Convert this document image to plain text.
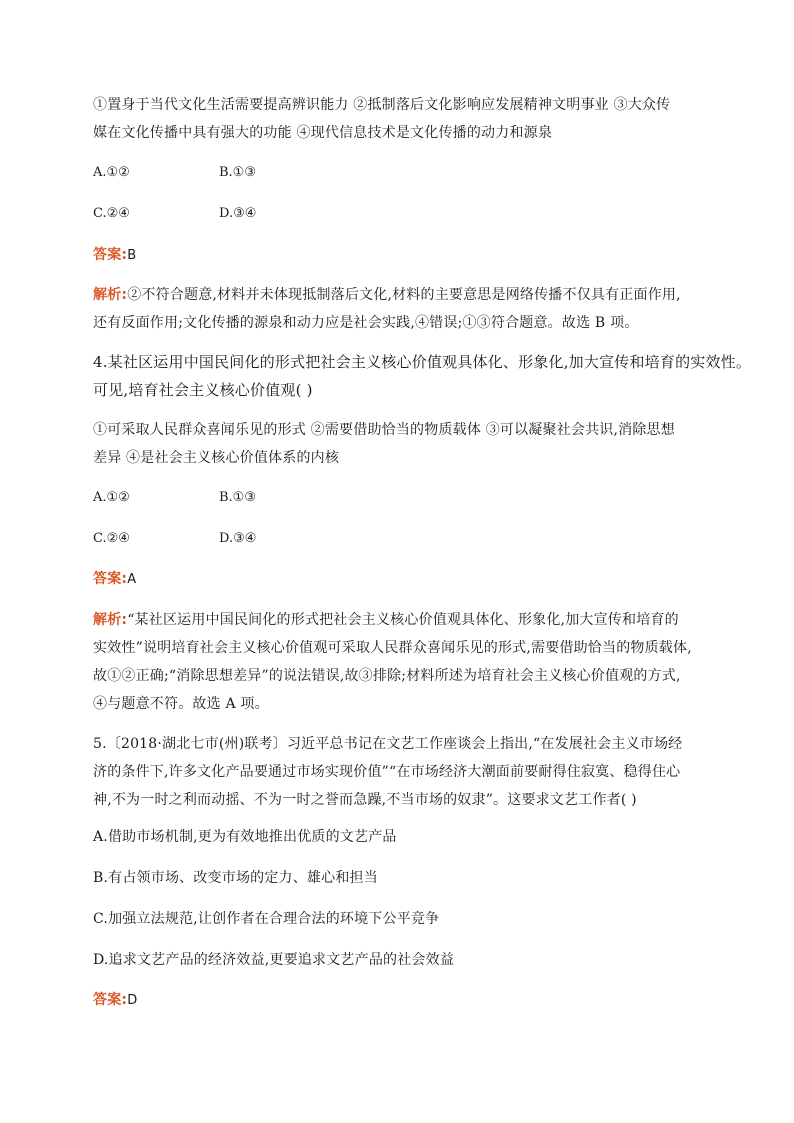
①置身于当代文化生活需要提高辨识能力 ②抵制落后文化影响应发展精神文明事业 ③大众传
媒在文化传播中具有强大的功能 ④现代信息技术是文化传播的动力和源泉
A.①②	B.①③
C.②④	D.③④
答案:B
解析:②不符合题意,材料并未体现抵制落后文化,材料的主要意思是网络传播不仅具有正面作用,
还有反面作用;文化传播的源泉和动力应是社会实践,④错误;①③符合题意。故选 B 项。
4.某社区运用中国民间化的形式把社会主义核心价值观具体化、形象化,加大宣传和培育的实效性。
可见,培育社会主义核心价值观( )
①可采取人民群众喜闻乐见的形式 ②需要借助恰当的物质载体 ③可以凝聚社会共识,消除思想
差异 ④是社会主义核心价值体系的内核
A.①②	B.①③
C.②④	D.③④
答案:A
解析:“某社区运用中国民间化的形式把社会主义核心价值观具体化、形象化,加大宣传和培育的
实效性”说明培育社会主义核心价值观可采取人民群众喜闻乐见的形式,需要借助恰当的物质载体,
故①②正确;“消除思想差异”的说法错误,故③排除;材料所述为培育社会主义核心价值观的方式,
④与题意不符。故选 A 项。
5.〔2018·湖北七市(州)联考〕习近平总书记在文艺工作座谈会上指出,“在发展社会主义市场经
济的条件下,许多文化产品要通过市场实现价值”“在市场经济大潮面前要耐得住寂寞、稳得住心
神,不为一时之利而动摇、不为一时之誉而急躁,不当市场的奴隶”。这要求文艺工作者( )
A.借助市场机制,更为有效地推出优质的文艺产品
B.有占领市场、改变市场的定力、雄心和担当
C.加强立法规范,让创作者在合理合法的环境下公平竞争
D.追求文艺产品的经济效益,更要追求文艺产品的社会效益
答案:D
